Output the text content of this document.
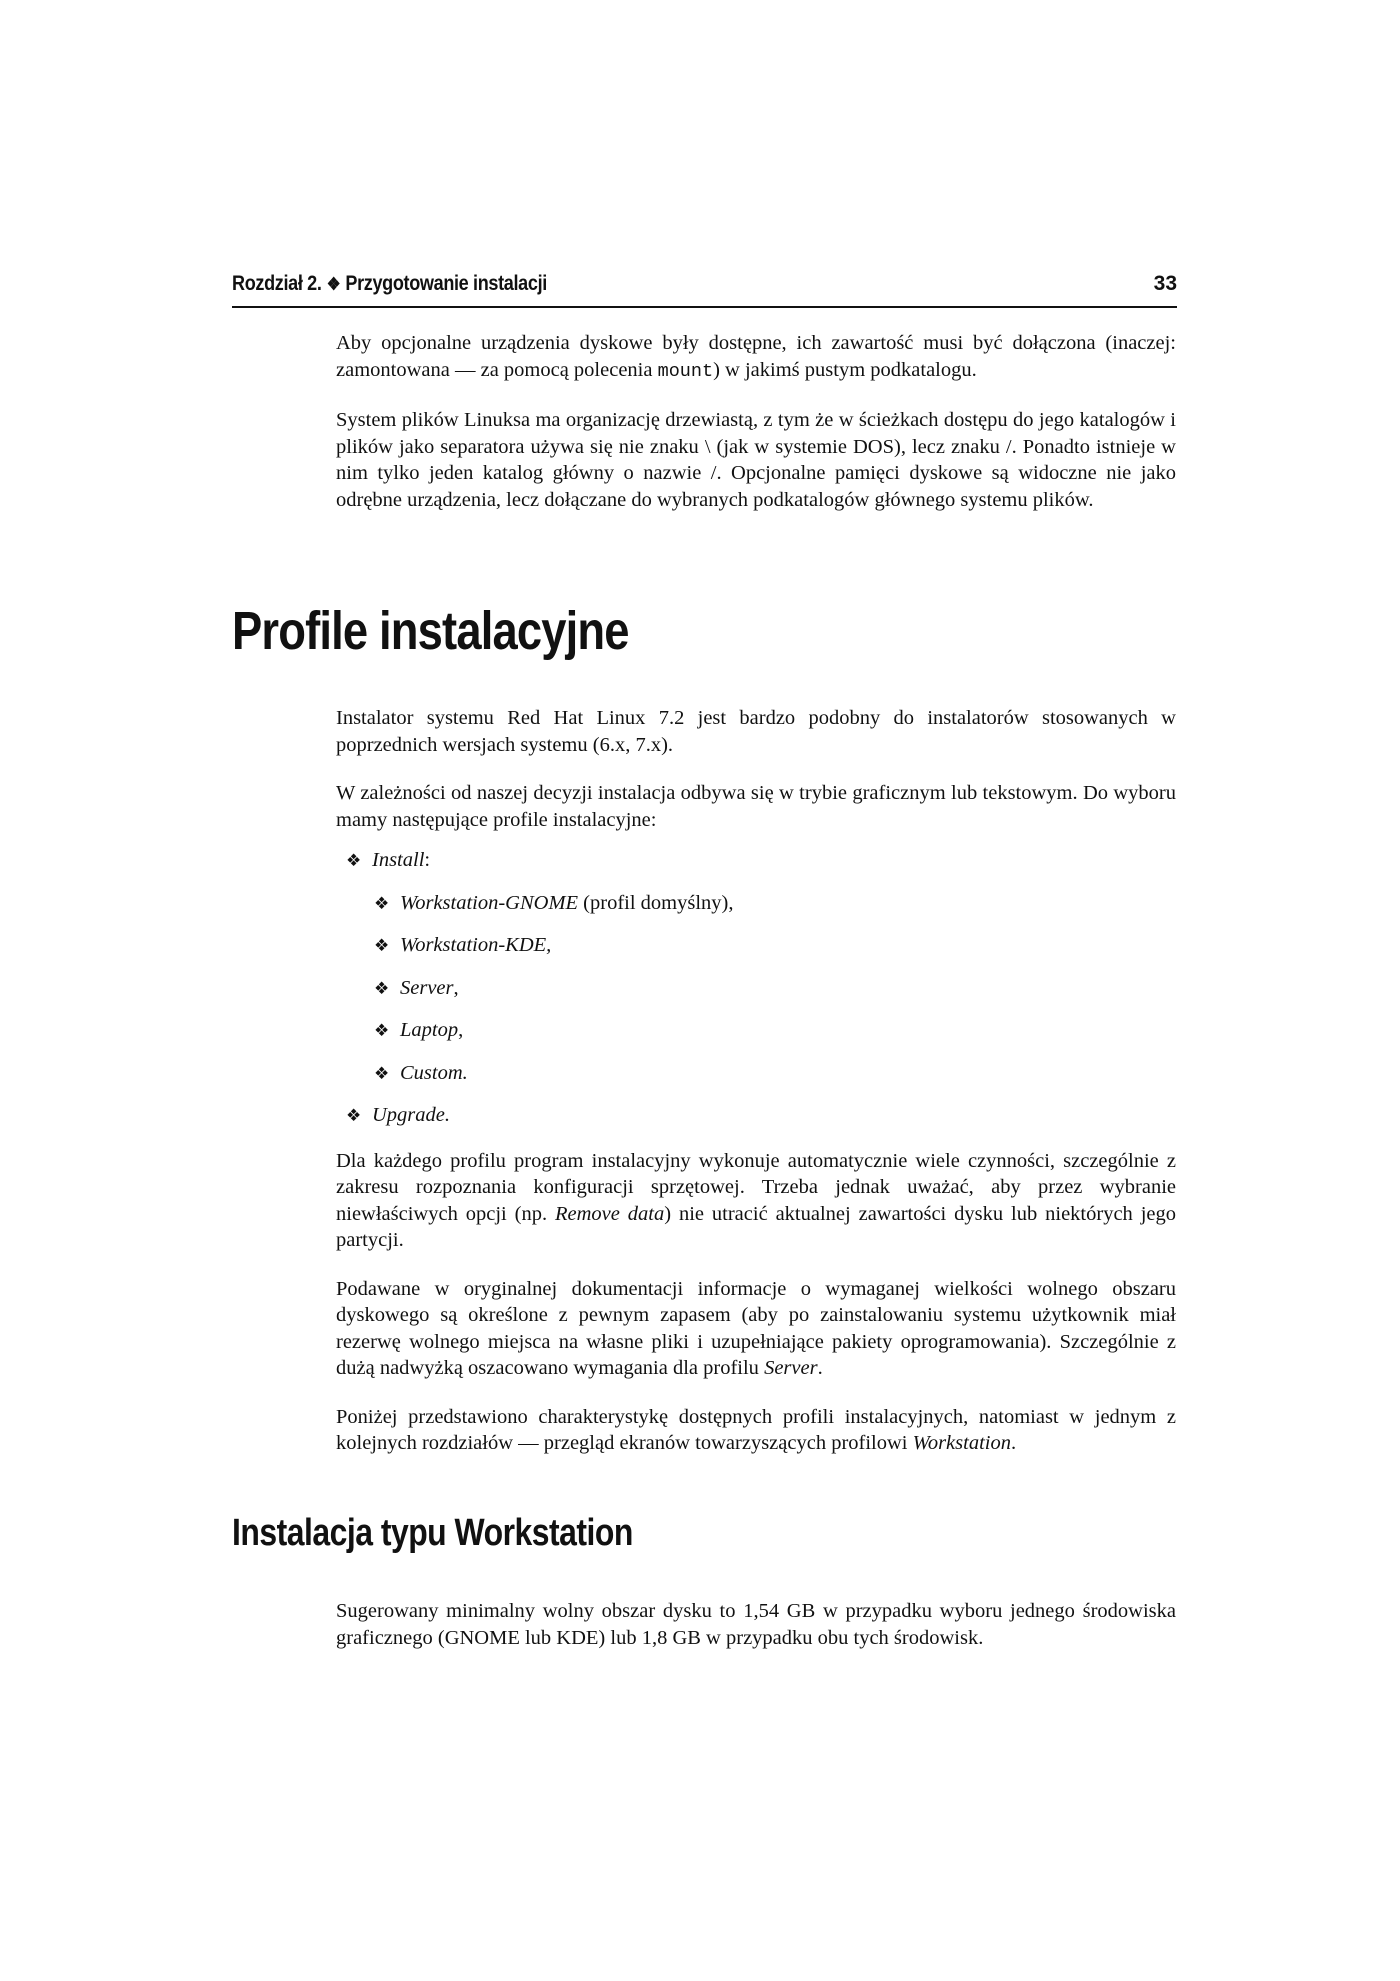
Rozdział 2. ❖ Przygotowanie instalacji	33

Aby opcjonalne urządzenia dyskowe były dostępne, ich zawartość musi być dołączona (inaczej: zamontowana — za pomocą polecenia mount) w jakimś pustym podkatalogu.

System plików Linuksa ma organizację drzewiastą, z tym że w ścieżkach dostępu do jego katalogów i plików jako separatora używa się nie znaku \ (jak w systemie DOS), lecz znaku /. Ponadto istnieje w nim tylko jeden katalog główny o nazwie /. Opcjonalne pamięci dyskowe są widoczne nie jako odrębne urządzenia, lecz dołączane do wybranych podkatalogów głównego systemu plików.

Profile instalacyjne

Instalator systemu Red Hat Linux 7.2 jest bardzo podobny do instalatorów stosowanych w poprzednich wersjach systemu (6.x, 7.x).

W zależności od naszej decyzji instalacja odbywa się w trybie graficznym lub tekstowym. Do wyboru mamy następujące profile instalacyjne:

❖ Install:
❖ Workstation-GNOME (profil domyślny),
❖ Workstation-KDE,
❖ Server,
❖ Laptop,
❖ Custom.
❖ Upgrade.

Dla każdego profilu program instalacyjny wykonuje automatycznie wiele czynności, szczególnie z zakresu rozpoznania konfiguracji sprzętowej. Trzeba jednak uważać, aby przez wybranie niewłaściwych opcji (np. Remove data) nie utracić aktualnej zawartości dysku lub niektórych jego partycji.

Podawane w oryginalnej dokumentacji informacje o wymaganej wielkości wolnego obszaru dyskowego są określone z pewnym zapasem (aby po zainstalowaniu systemu użytkownik miał rezerwę wolnego miejsca na własne pliki i uzupełniające pakiety oprogramowania). Szczególnie z dużą nadwyżką oszacowano wymagania dla profilu Server.

Poniżej przedstawiono charakterystykę dostępnych profili instalacyjnych, natomiast w jednym z kolejnych rozdziałów — przegląd ekranów towarzyszących profilowi Workstation.

Instalacja typu Workstation

Sugerowany minimalny wolny obszar dysku to 1,54 GB w przypadku wyboru jednego środowiska graficznego (GNOME lub KDE) lub 1,8 GB w przypadku obu tych środowisk.
